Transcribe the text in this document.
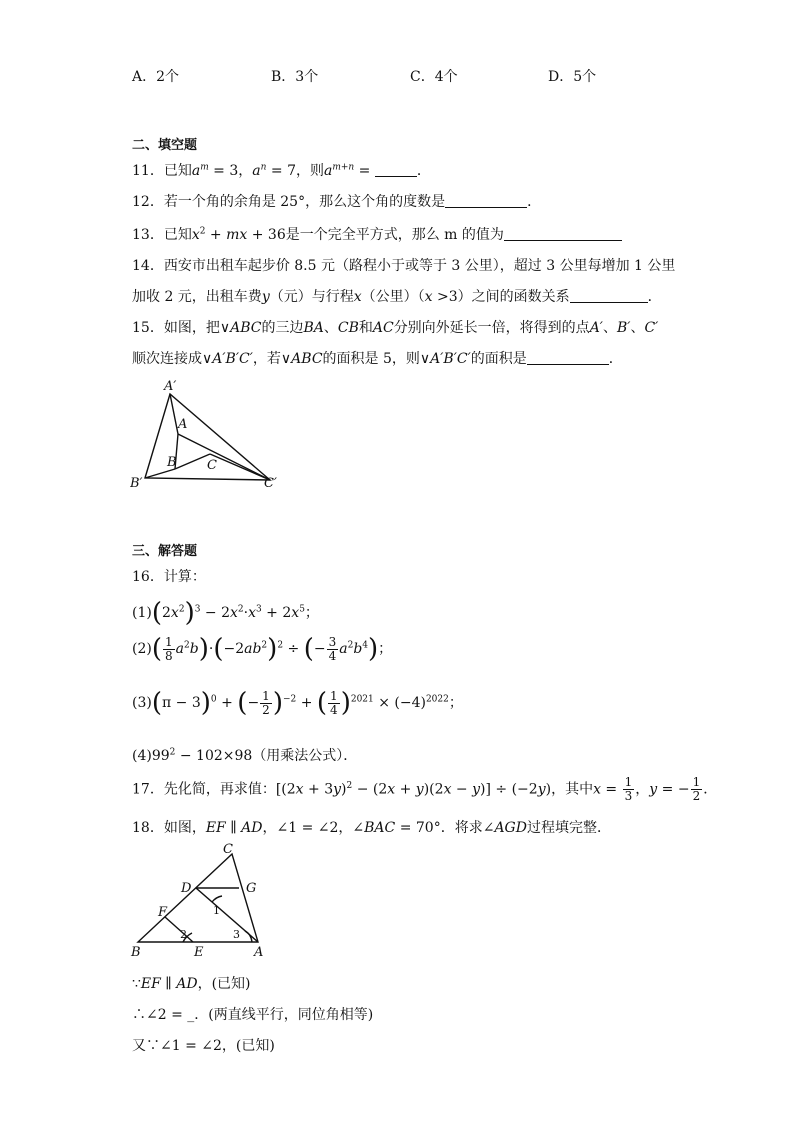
A．2个	B．3个	C．4个	D．5个
二、填空题
11．已知$a^m = 3$，$a^n = 7$，则$a^{m+n}$ =	．
12．若一个角的余角是 25°，那么这个角的度数是	．
13．已知$x^2$ + mx + 36是一个完全平方式，那么 m 的值为
14．西安市出租车起步价 8.5 元（路程小于或等于 3 公里），超过 3 公里每增加 1 公里
加收 2 元，出租车费y（元）与行程x（公里）（x >3）之间的函数关系	．
15．如图，把∨ABC的三边BA、CB和AC分别向外延长一倍，将得到的点A′、B′、C′
顺次连接成∨A′B′C′，若∨ABC的面积是 5，则∨A′B′C′的面积是	．
A′
A
B C
B′	C′
三、解答题
16．计算：
$(1)(2x^2)^3 - 2x^2\cdot x^3 + 2x^5$；
$(2)( \frac{1}{8} a^2b)\cdot(-2ab^2)^2$ ÷ (− $\frac{3}{4} a^2b^4$)；
$(3)(\pi - 3)^0$ + (− $\frac{1}{2} )^{-2}$ + ( $\frac{1}{4} )^{2021} \times (-4)^{2022}$；
$(4)99^2 - 102\times 98$（用乘法公式）．
17．先化简，再求值：$[(2x + 3y)^2 - (2x + y)(2x - y)] \div (-2y)$，其中$x = \frac{1}{3}$ ，y = − $\frac{1}{2}$ ．
18．如图，EF ∥ AD，∠1 = ∠2，∠BAC = 70°．将求∠AGD过程填完整．
C
D	G
1
F
2	3
B	E	A
∵EF ∥ AD，(已知)
∴∠2 = _．(两直线平行，同位角相等)
又∵∠1 = ∠2，(已知)
